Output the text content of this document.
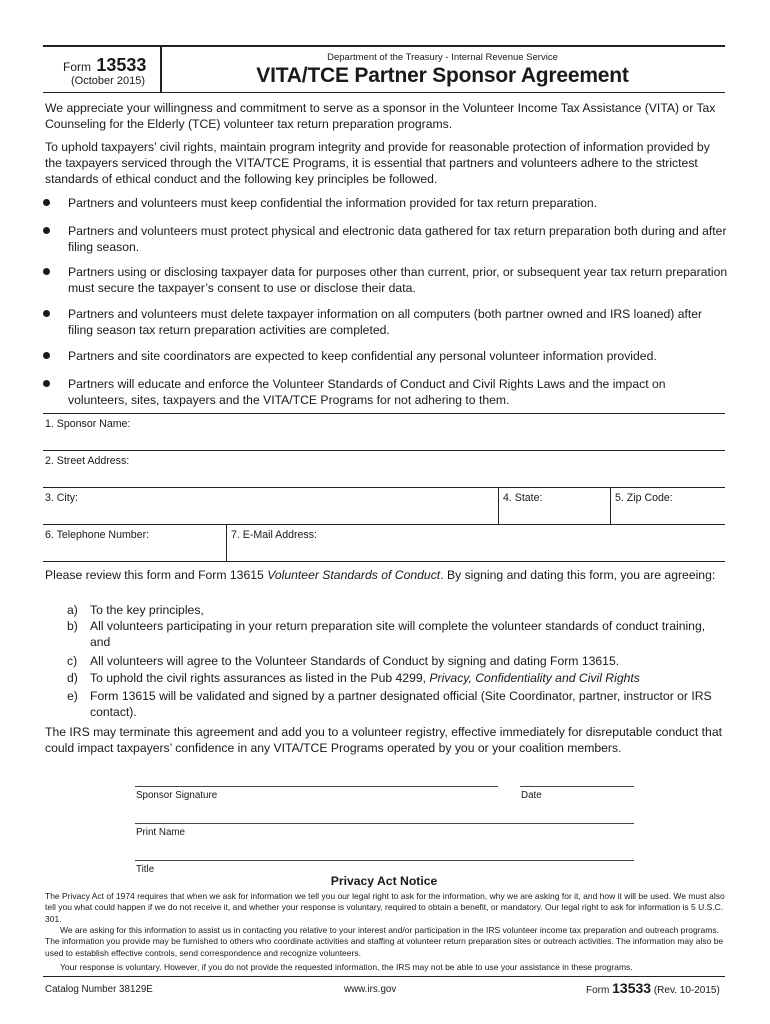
Form 13533
(October 2015)
Department of the Treasury - Internal Revenue Service
VITA/TCE Partner Sponsor Agreement
We appreciate your willingness and commitment to serve as a sponsor in the Volunteer Income Tax Assistance (VITA) or Tax Counseling for the Elderly (TCE) volunteer tax return preparation programs.
To uphold taxpayers’ civil rights, maintain program integrity and provide for reasonable protection of information provided by the taxpayers serviced through the VITA/TCE Programs, it is essential that partners and volunteers adhere to the strictest standards of ethical conduct and the following key principles be followed.
Partners and volunteers must keep confidential the information provided for tax return preparation.
Partners and volunteers must protect physical and electronic data gathered for tax return preparation both during and after filing season.
Partners using or disclosing taxpayer data for purposes other than current, prior, or subsequent year tax return preparation must secure the taxpayer’s consent to use or disclose their data.
Partners and volunteers must delete taxpayer information on all computers (both partner owned and IRS loaned) after filing season tax return preparation activities are completed.
Partners and site coordinators are expected to keep confidential any personal volunteer information provided.
Partners will educate and enforce the Volunteer Standards of Conduct and Civil Rights Laws and the impact on volunteers, sites, taxpayers and the VITA/TCE Programs for not adhering to them.
1. Sponsor Name:
2. Street Address:
3. City:	4. State:	5. Zip Code:
6. Telephone Number:	7. E-Mail Address:
Please review this form and Form 13615 Volunteer Standards of Conduct. By signing and dating this form, you are agreeing:
a) To the key principles,
b) All volunteers participating in your return preparation site will complete the volunteer standards of conduct training, and
c) All volunteers will agree to the Volunteer Standards of Conduct by signing and dating Form 13615.
d) To uphold the civil rights assurances as listed in the Pub 4299, Privacy, Confidentiality and Civil Rights
e) Form 13615 will be validated and signed by a partner designated official (Site Coordinator, partner, instructor or IRS contact).
The IRS may terminate this agreement and add you to a volunteer registry, effective immediately for disreputable conduct that could impact taxpayers’ confidence in any VITA/TCE Programs operated by you or your coalition members.
Sponsor Signature	Date
Print Name
Title
Privacy Act Notice
The Privacy Act of 1974 requires that when we ask for information we tell you our legal right to ask for the information, why we are asking for it, and how it will be used. We must also tell you what could happen if we do not receive it, and whether your response is voluntary, required to obtain a benefit, or mandatory. Our legal right to ask for information is 5 U.S.C. 301.
We are asking for this information to assist us in contacting you relative to your interest and/or participation in the IRS volunteer income tax preparation and outreach programs. The information you provide may be furnished to others who coordinate activities and staffing at volunteer return preparation sites or outreach activities. The information may also be used to establish effective controls, send correspondence and recognize volunteers.
Your response is voluntary. However, if you do not provide the requested information, the IRS may not be able to use your assistance in these programs.
Catalog Number 38129E	www.irs.gov	Form 13533 (Rev. 10-2015)
